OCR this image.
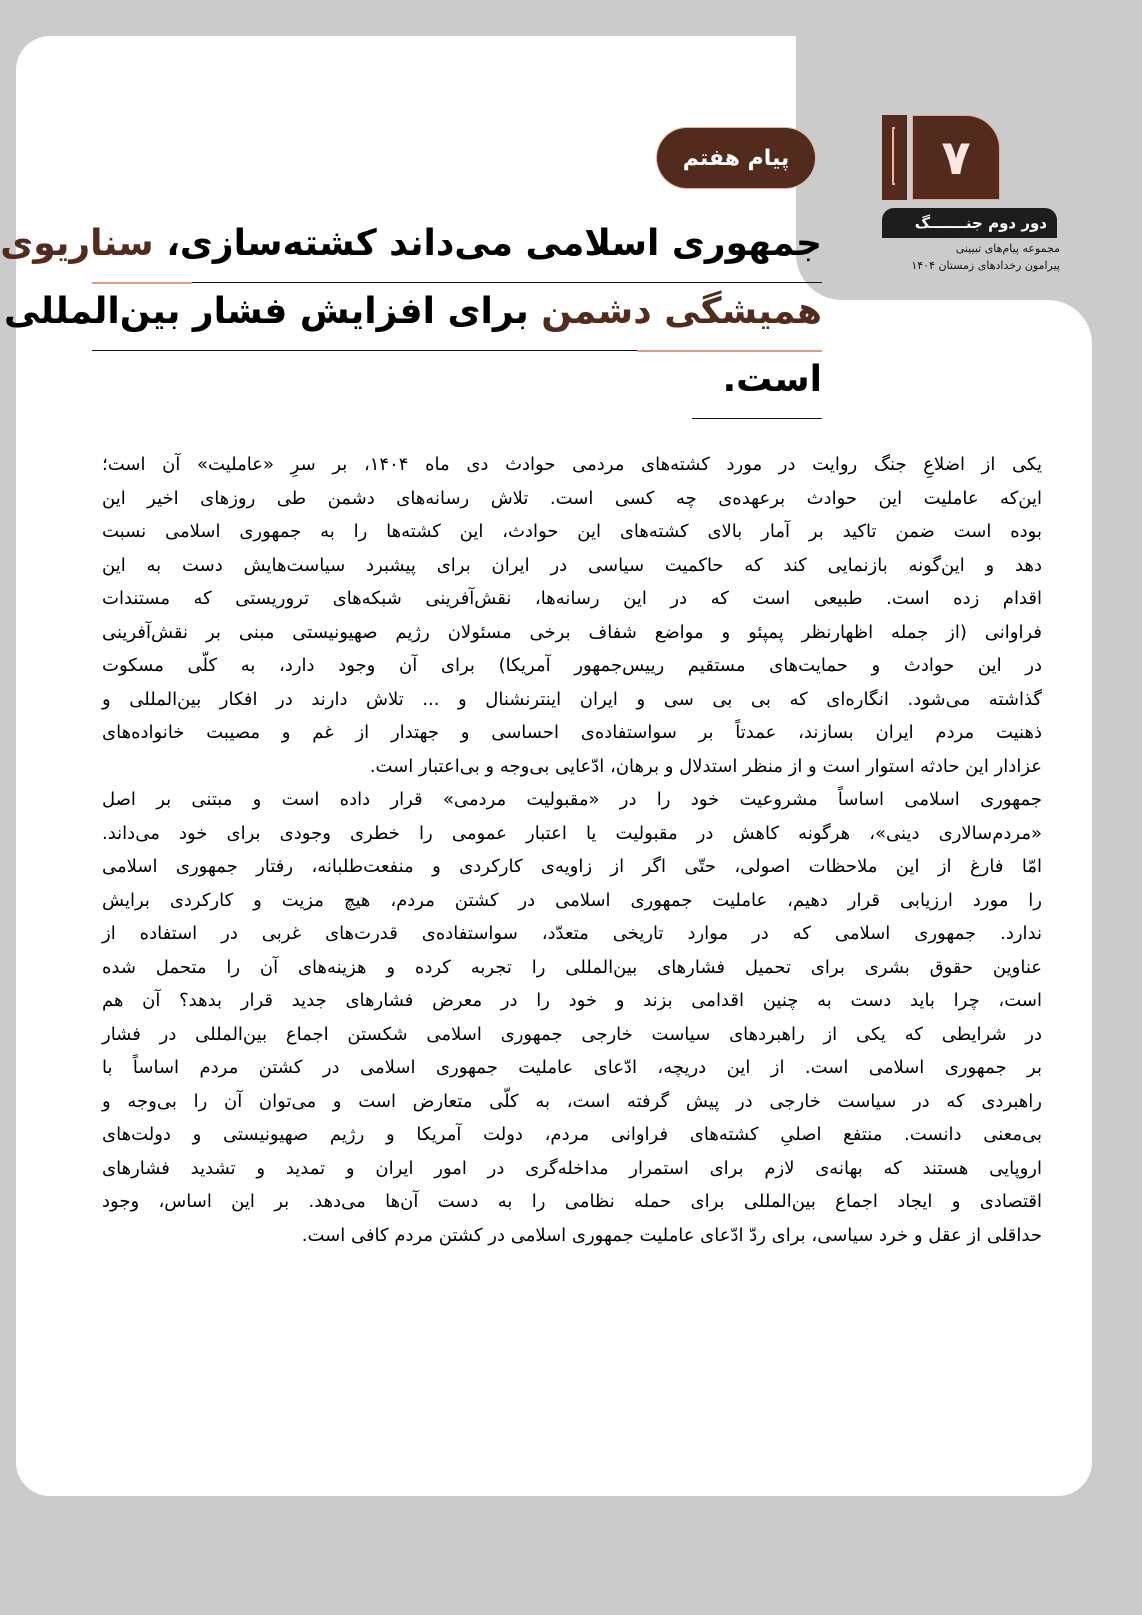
۷
دور دوم جنـــــــگ
مجموعه پیام‌های تبیینی
پیرامون رخدادهای زمستان ۱۴۰۴
پیام هفتم
جمهوری اسلامی می‌داند کشته‌سازی، سناریوی
همیشگی دشمن برای افزایش فشار بین‌المللی
است.
یکی از اضلاعِ جنگ روایت در مورد کشته‌های مردمی حوادث دی ماه ۱۴۰۴، بر سرِ «عاملیت» آن است؛
این‌که عاملیت این حوادث برعهده‌ی چه کسی است. تلاش رسانه‌های دشمن طی روزهای اخیر این
بوده است ضمن تاکید بر آمار بالای کشته‌های این حوادث، این کشته‌ها را به جمهوری اسلامی نسبت
دهد و این‌گونه بازنمایی کند که حاکمیت سیاسی در ایران برای پیشبرد سیاست‌هایش دست به این
اقدام زده است. طبیعی است که در این رسانه‌ها، نقش‌آفرینی شبکه‌های تروریستی که مستندات
فراوانی (از جمله اظهارنظر پمپئو و مواضع شفاف برخی مسئولان رژیم صهیونیستی مبنی بر نقش‌آفرینی
در این حوادث و حمایت‌های مستقیم رییس‌جمهور آمریکا) برای آن وجود دارد، به کلّی مسکوت
گذاشته می‌شود. انگاره‌ای که بی بی سی و ایران اینترنشنال و ... تلاش دارند در افکار بین‌المللی و
ذهنیت مردم ایران بسازند، عمدتاً بر سواستفاده‌ی احساسی و جهتدار از غم و مصیبت خانواده‌های
عزادار این حادثه استوار است و از منظر استدلال و برهان، ادّعایی بی‌وجه و بی‌اعتبار است.
جمهوری اسلامی اساساً مشروعیت خود را در «مقبولیت مردمی» قرار داده است و مبتنی بر اصل
«مردم‌سالاری دینی»، هرگونه کاهش در مقبولیت یا اعتبار عمومی را خطری وجودی برای خود می‌داند.
امّا فارغ از این ملاحظات اصولی، حتّی اگر از زاویه‌ی کارکردی و منفعت‌طلبانه، رفتار جمهوری اسلامی
را مورد ارزیابی قرار دهیم، عاملیت جمهوری اسلامی در کشتن مردم، هیچ مزیت و کارکردی برایش
ندارد. جمهوری اسلامی که در موارد تاریخی متعدّد، سواستفاده‌ی قدرت‌های غربی در استفاده از
عناوین حقوق بشری برای تحمیل فشارهای بین‌المللی را تجربه کرده و هزینه‌های آن را متحمل شده
است، چرا باید دست به چنین اقدامی بزند و خود را در معرض فشارهای جدید قرار بدهد؟ آن هم
در شرایطی که یکی از راهبردهای سیاست خارجی جمهوری اسلامی شکستن اجماع بین‌المللی در فشار
بر جمهوری اسلامی است. از این دریچه، ادّعای عاملیت جمهوری اسلامی در کشتن مردم اساساً با
راهبردی که در سیاست خارجی در پیش گرفته است، به کلّی متعارض است و می‌توان آن را بی‌وجه و
بی‌معنی دانست. منتفع اصلیِ کشته‌های فراوانی مردم، دولت آمریکا و رژیم صهیونیستی و دولت‌های
اروپایی هستند که بهانه‌ی لازم برای استمرار مداخله‌گری در امور ایران و تمدید و تشدید فشارهای
اقتصادی و ایجاد اجماع بین‌المللی برای حمله نظامی را به دست آن‌ها می‌دهد. بر این اساس، وجود
حداقلی از عقل و خرد سیاسی، برای ردّ ادّعای عاملیت جمهوری اسلامی در کشتن مردم کافی است.
